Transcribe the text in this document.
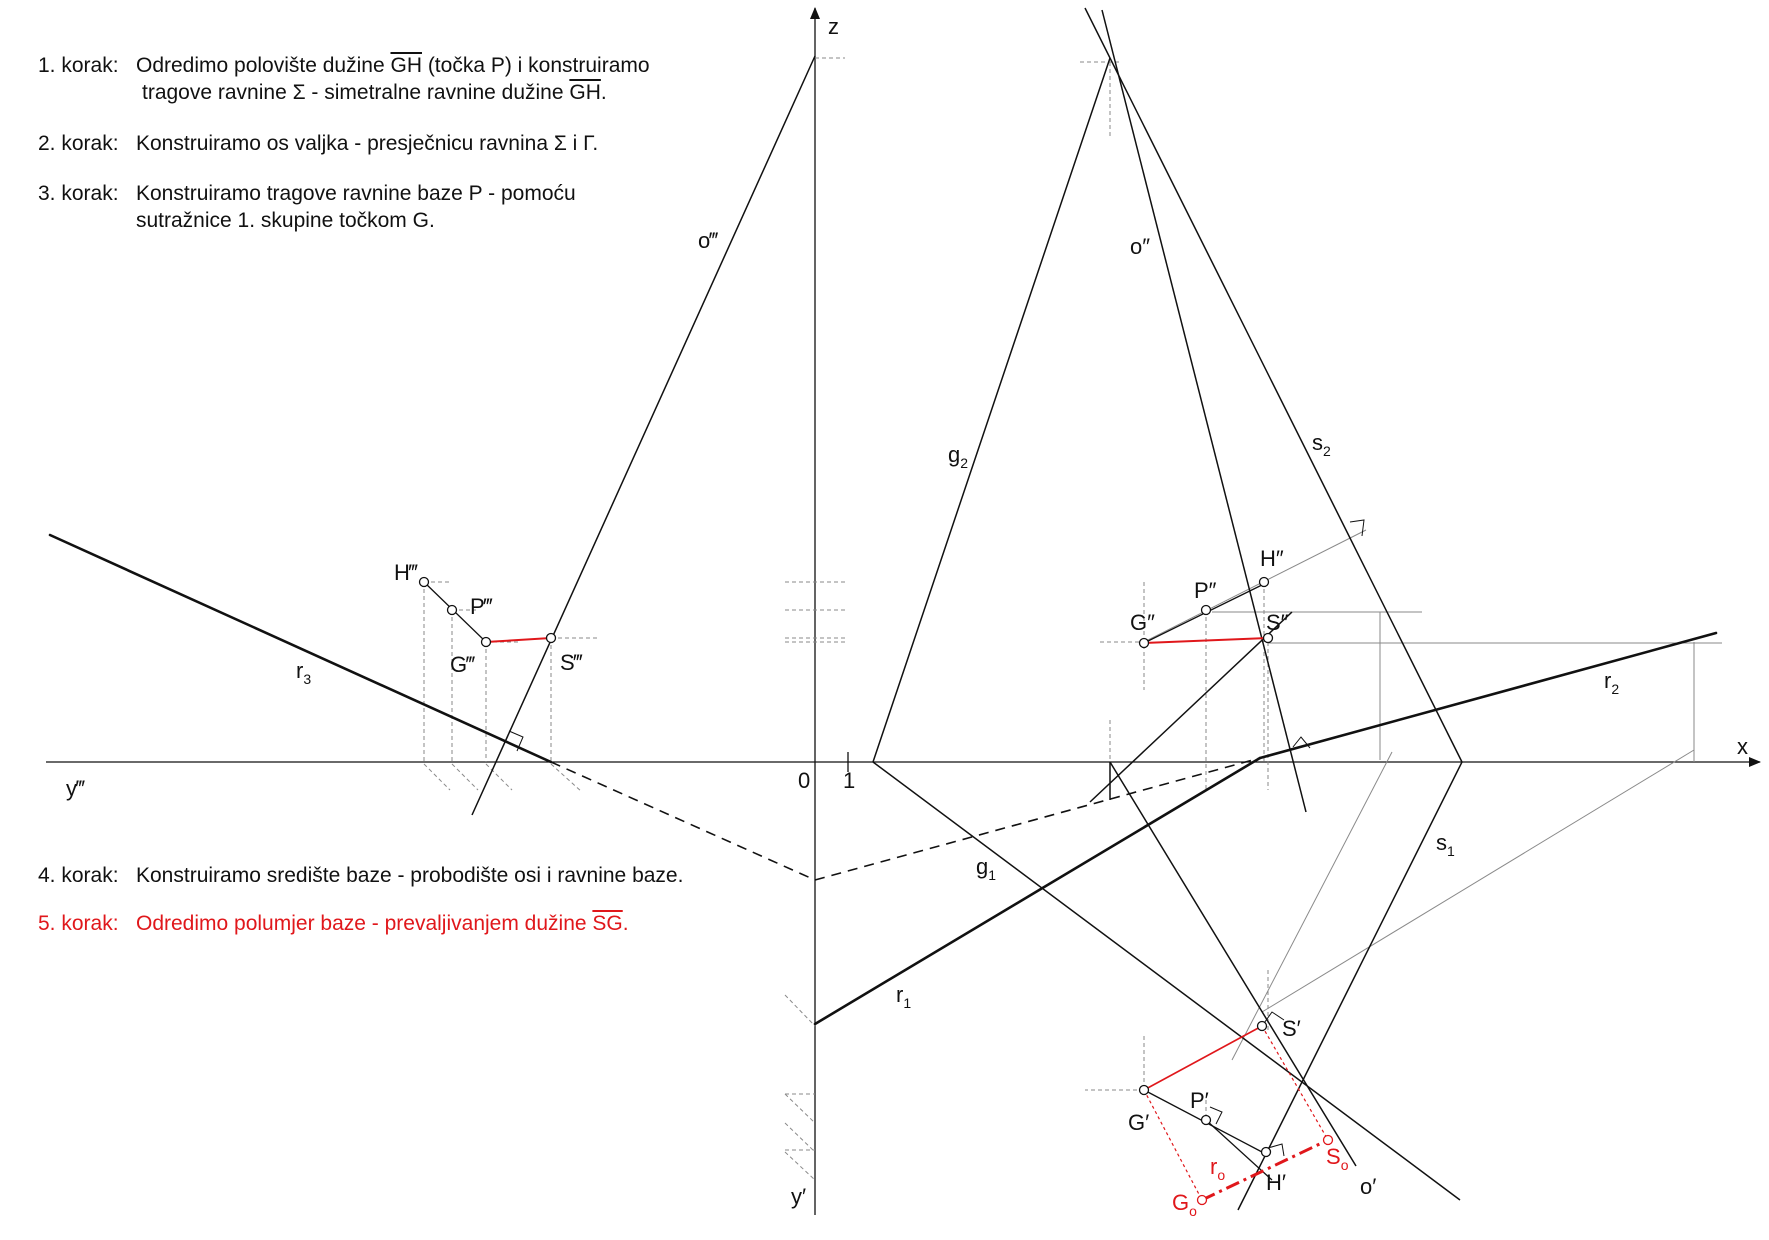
z
x
y‴
y′
0 1
o‴	o″
o′
$g_2$
$g_1$
$s_2$
$s_1$
$r_3$
$r_1$
$r_2$
H‴
P‴
G‴	S‴
H″
P″
G″	S″
S′
P′
G′
H′
$G_o$
$S_o$
$r_o$
1. korak: Odredimo polovište dužine $\overline{GH}$ (točka P) i konstruiramo
tragove ravnine Σ - simetralne ravnine dužine $\overline{GH}$.
2. korak: Konstruiramo os valjka - presječnicu ravnina Σ i Γ.
3. korak: Konstruiramo tragove ravnine baze Ρ - pomoću
sutražnice 1. skupine točkom G.
4. korak: Konstruiramo središte baze - probodište osi i ravnine baze.
5. korak: Odredimo polumjer baze - prevaljivanjem dužine $\overline{SG}$.
